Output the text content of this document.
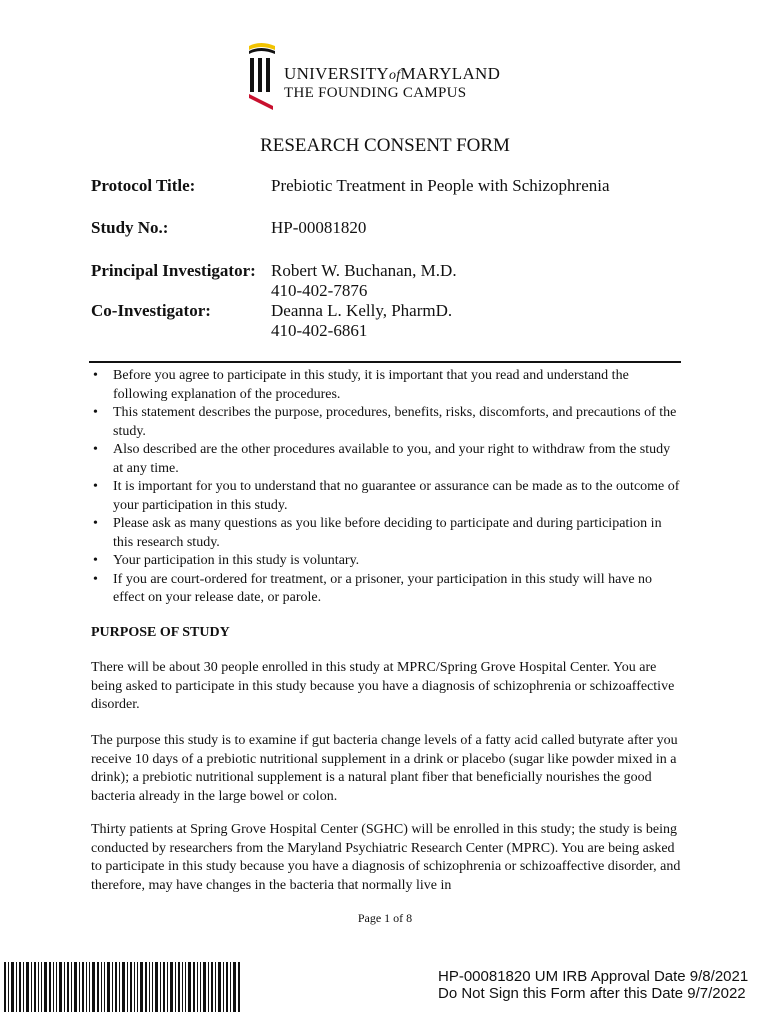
UNIVERSITYofMARYLAND
THE FOUNDING CAMPUS
RESEARCH CONSENT FORM
Protocol Title:	Prebiotic Treatment in People with Schizophrenia
Study No.:	HP-00081820
Principal Investigator: Robert W. Buchanan, M.D.
410-402-7876
Co-Investigator:	Deanna L. Kelly, PharmD.
410-402-6861
• Before you agree to participate in this study, it is important that you read and understand the following explanation of the procedures.
• This statement describes the purpose, procedures, benefits, risks, discomforts, and precautions of the study.
• Also described are the other procedures available to you, and your right to withdraw from the study at any time.
• It is important for you to understand that no guarantee or assurance can be made as to the outcome of your participation in this study.
• Please ask as many questions as you like before deciding to participate and during participation in this research study.
• Your participation in this study is voluntary.
• If you are court-ordered for treatment, or a prisoner, your participation in this study will have no effect on your release date, or parole.
PURPOSE OF STUDY
There will be about 30 people enrolled in this study at MPRC/Spring Grove Hospital Center. You are being asked to participate in this study because you have a diagnosis of schizophrenia or schizoaffective disorder.
The purpose this study is to examine if gut bacteria change levels of a fatty acid called butyrate after you receive 10 days of a prebiotic nutritional supplement in a drink or placebo (sugar like powder mixed in a drink); a prebiotic nutritional supplement is a natural plant fiber that beneficially nourishes the good bacteria already in the large bowel or colon.
Thirty patients at Spring Grove Hospital Center (SGHC) will be enrolled in this study; the study is being conducted by researchers from the Maryland Psychiatric Research Center (MPRC). You are being asked to participate in this study because you have a diagnosis of schizophrenia or schizoaffective disorder, and therefore, may have changes in the bacteria that normally live in
Page 1 of 8
HP-00081820 UM IRB Approval Date 9/8/2021
Do Not Sign this Form after this Date 9/7/2022
